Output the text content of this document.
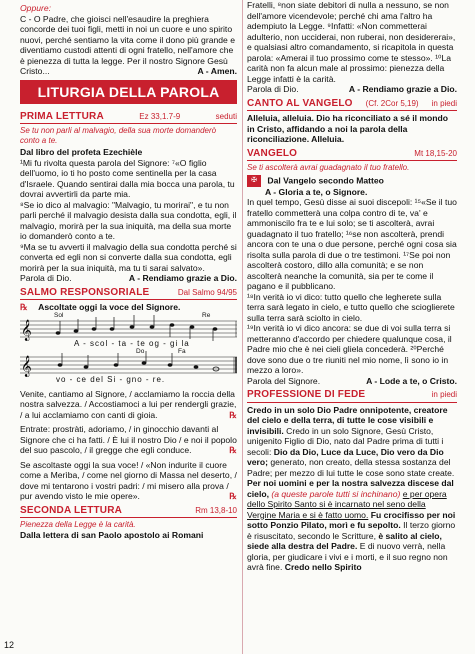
Oppure:

C - O Padre, che gioisci nell'esaudire la preghiera concorde dei tuoi figli, metti in noi un cuore e uno spirito nuovi, perché sentiamo la vita come il dono più grande e diventiamo custodi attenti di ogni fratello, nell'amore che è pienezza di tutta la legge. Per il nostro Signore Gesù Cristo...	A - Amen.

LITURGIA DELLA PAROLA
PRIMA LETTURA	Ez 33,1.7-9	seduti

Se tu non parli al malvagio, della sua morte domanderò conto a te.

Dal libro del profeta Ezechièle

¹Mi fu rivolta questa parola del Signore: ⁷«O figlio dell'uomo, io ti ho posto come sentinella per la casa d'Israele. Quando sentirai dalla mia bocca una parola, tu dovrai avvertirli da parte mia.

⁸Se io dico al malvagio: "Malvagio, tu morirai", e tu non parli perché il malvagio desista dalla sua condotta, egli, il malvagio, morirà per la sua iniquità, ma della sua morte io domanderò conto a te.

⁹Ma se tu avverti il malvagio della sua condotta perché si converta ed egli non si converte dalla sua condotta, egli morirà per la sua iniquità, ma tu ti sarai salvato».

Parola di Dio.	A - Rendiamo grazie a Dio.

SALMO RESPONSORIALE	Dal Salmo 94/95

℞ Ascoltate oggi la voce del Signore.

𝄞
Sol	Re
A - scol - ta - te og - gi la
𝄞
Do	Fa
vo - ce del Si - gno - re.

Venite, cantiamo al Signore, / acclamiamo la roccia della nostra salvezza. / Accostiamoci a lui per rendergli grazie, / a lui acclamiamo con canti di gioia.	℞

Entrate: prostràti, adoriamo, / in ginocchio davanti al Signore che ci ha fatti. / È lui il nostro Dio / e noi il popolo del suo pascolo, / il gregge che egli conduce.	℞

Se ascoltaste oggi la sua voce! / «Non indurite il cuore come a Merìba, / come nel giorno di Massa nel deserto, / dove mi tentarono i vostri padri: / mi misero alla prova / pur avendo visto le mie opere».	℞

SECONDA LETTURA	Rm 13,8-10

Pienezza della Legge è la carità.

Dalla lettera di san Paolo apostolo ai Romani

12

Fratelli, ⁸non siate debitori di nulla a nessuno, se non dell'amore vicendevole; perché chi ama l'altro ha adempiuto la Legge. ⁹Infatti: «Non commetterai adulterio, non ucciderai, non ruberai, non desidererai», e qualsiasi altro comandamento, si ricapitola in questa parola: «Amerai il tuo prossimo come te stesso». ¹⁰La carità non fa alcun male al prossimo: pienezza della Legge infatti è la carità.

Parola di Dio.	A - Rendiamo grazie a Dio.

CANTO AL VANGELO (Cf. 2Cor 5,19) in piedi

Alleluia, alleluia. Dio ha riconciliato a sé il mondo in Cristo, affidando a noi la parola della riconciliazione. Alleluia.

VANGELO	Mt 18,15-20

Se ti ascolterà avrai guadagnato il tuo fratello.

✠ Dal Vangelo secondo Matteo

A - Gloria a te, o Signore.

In quel tempo, Gesù disse ai suoi discepoli: ¹⁵«Se il tuo fratello commetterà una colpa contro di te, va' e ammoniscilo fra te e lui solo; se ti ascolterà, avrai guadagnato il tuo fratello; ¹⁶se non ascolterà, prendi ancora con te una o due persone, perché ogni cosa sia risolta sulla parola di due o tre testimoni. ¹⁷Se poi non ascolterà costoro, dillo alla comunità; e se non ascolterà neanche la comunità, sia per te come il pagano e il pubblicano.

¹⁸In verità io vi dico: tutto quello che legherete sulla terra sarà legato in cielo, e tutto quello che scioglierete sulla terra sarà sciolto in cielo.

¹⁹In verità io vi dico ancora: se due di voi sulla terra si metteranno d'accordo per chiedere qualunque cosa, il Padre mio che è nei cieli gliela concederà. ²⁰Perché dove sono due o tre riuniti nel mio nome, lì sono io in mezzo a loro».

Parola del Signore.	A - Lode a te, o Cristo.

PROFESSIONE DI FEDE	in piedi

Credo in un solo Dio Padre onnipotente, creatore del cielo e della terra, di tutte le cose visibili e invisibili. Credo in un solo Signore, Gesù Cristo, unigenito Figlio di Dio, nato dal Padre prima di tutti i secoli: Dio da Dio, Luce da Luce, Dio vero da Dio vero; generato, non creato, della stessa sostanza del Padre; per mezzo di lui tutte le cose sono state create. Per noi uomini e per la nostra salvezza discese dal cielo, (a queste parole tutti si inchinano) e per opera dello Spirito Santo si è incarnato nel seno della Vergine Maria e si è fatto uomo. Fu crocifisso per noi sotto Ponzio Pilato, morì e fu sepolto. Il terzo giorno è risuscitato, secondo le Scritture, è salito al cielo, siede alla destra del Padre. E di nuovo verrà, nella gloria, per giudicare i vivi e i morti, e il suo regno non avrà fine. Credo nello Spirito
